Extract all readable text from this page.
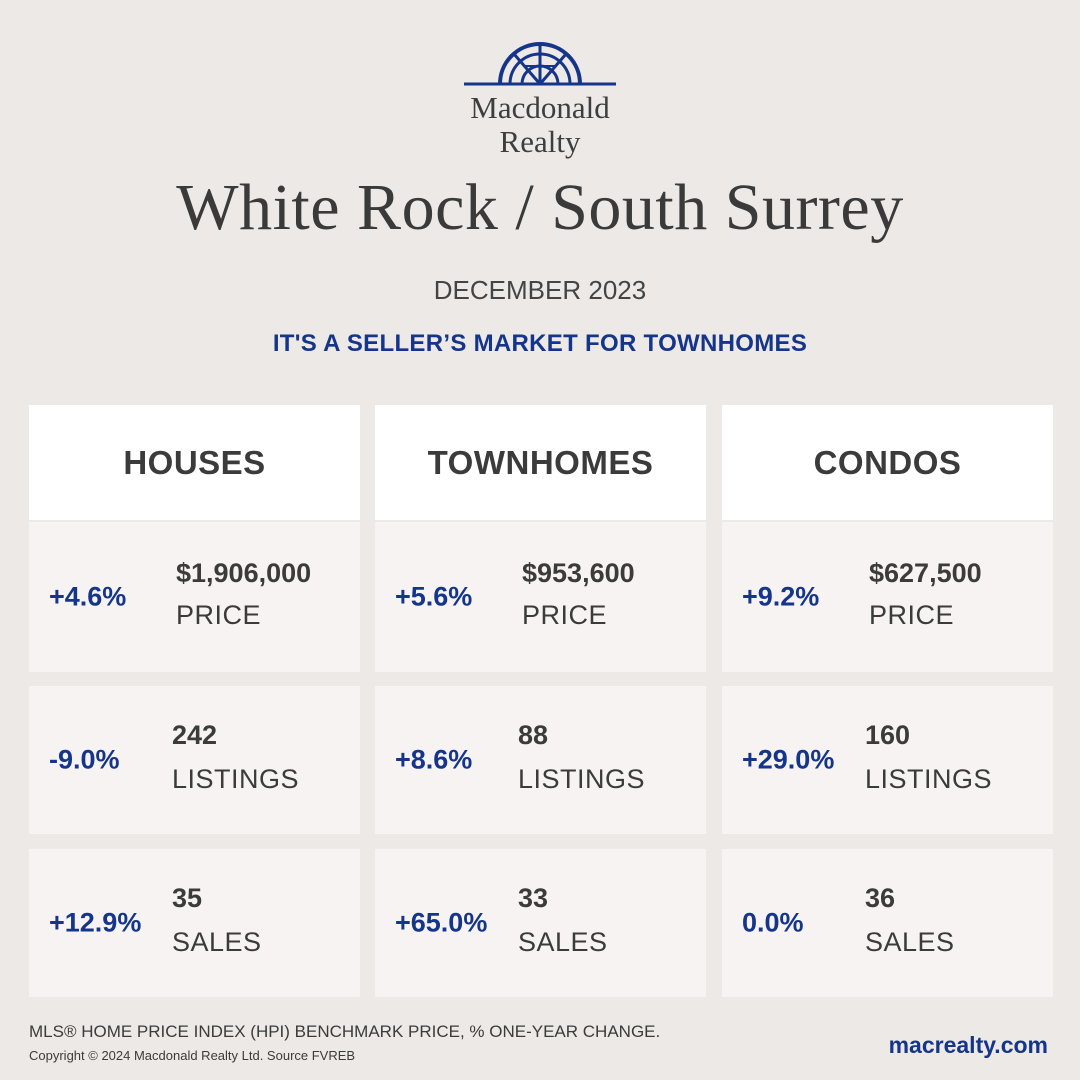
Macdonald
Realty
White Rock / South Surrey
DECEMBER 2023
IT'S A SELLER’S MARKET FOR TOWNHOMES
HOUSES
+4.6%
$1,906,000
PRICE
-9.0%
242
LISTINGS
+12.9%
35
SALES
TOWNHOMES
+5.6%
$953,600
PRICE
+8.6%
88
LISTINGS
+65.0%
33
SALES
CONDOS
+9.2%
$627,500
PRICE
+29.0%
160
LISTINGS
0.0%
36
SALES
MLS® HOME PRICE INDEX (HPI) BENCHMARK PRICE, % ONE-YEAR CHANGE.
Copyright © 2024 Macdonald Realty Ltd. Source FVREB	macrealty.com
